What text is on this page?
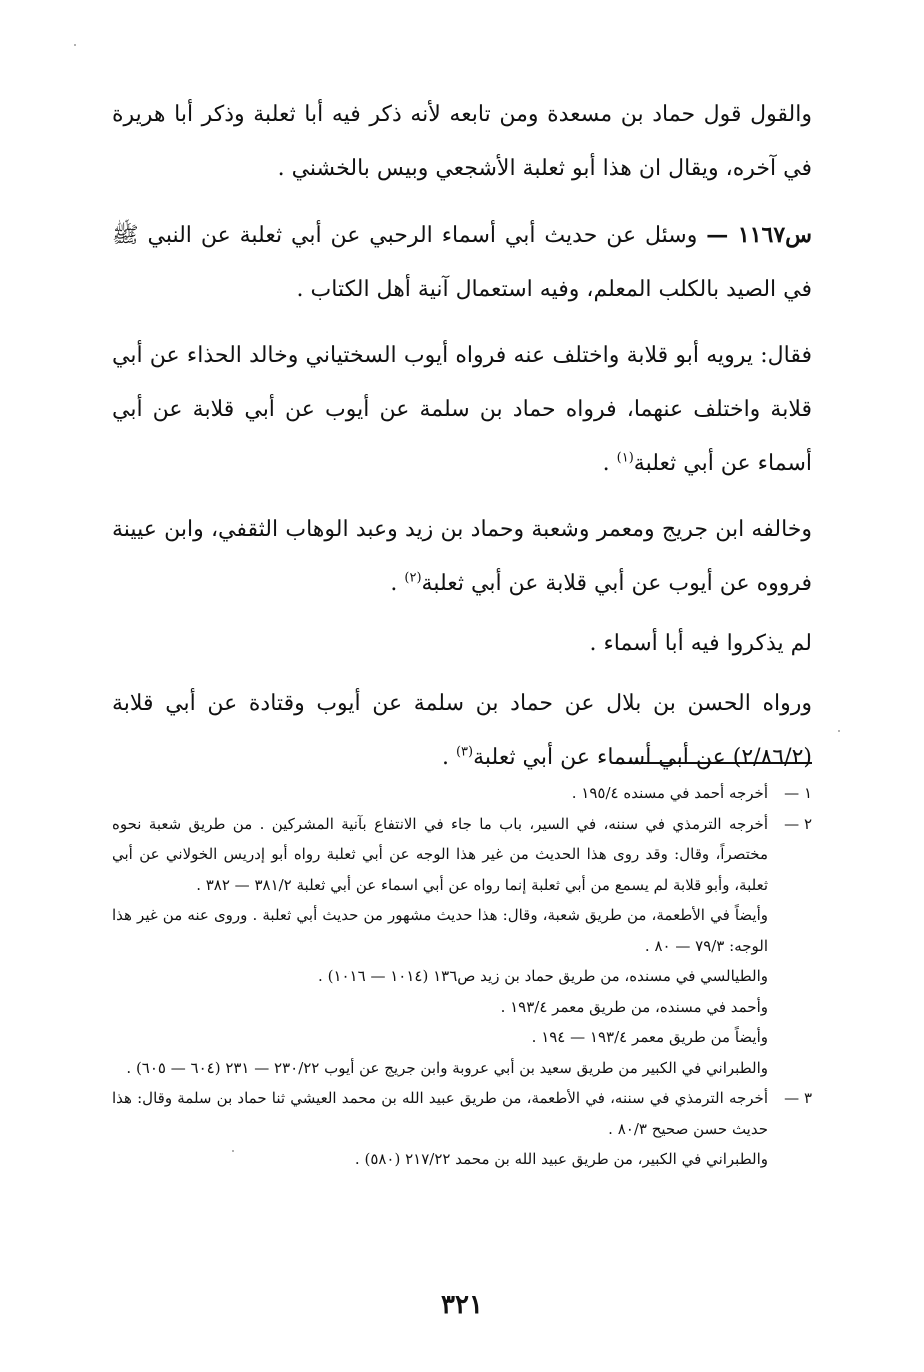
والقول قول حماد بن مسعدة ومن تابعه لأنه ذكر فيه أبا ثعلبة وذكر أبا هريرة في آخره، ويقال ان هذا أبو ثعلبة الأشجعي وبيس بالخشني .

س١١٦٧ — وسئل عن حديث أبي أسماء الرحبي عن أبي ثعلبة عن النبي ﷺ في الصيد بالكلب المعلم، وفيه استعمال آنية أهل الكتاب .

فقال: يرويه أبو قلابة واختلف عنه فرواه أيوب السختياني وخالد الحذاء عن أبي قلابة واختلف عنهما، فرواه حماد بن سلمة عن أيوب عن أبي قلابة عن أبي أسماء عن أبي ثعلبة$^{(١)}$ .

وخالفه ابن جريج ومعمر وشعبة وحماد بن زيد وعبد الوهاب الثقفي، وابن عيينة فرووه عن أيوب عن أبي قلابة عن أبي ثعلبة$^{(٢)}$ .

لم يذكروا فيه أبا أسماء .

ورواه الحسن بن بلال عن حماد بن سلمة عن أيوب وقتادة عن أبي قلابة (٢/٨٦/٢) عن أبي أسماء عن أبي ثعلبة$^{(٣)}$ .

١ —
أخرجه أحمد في مسنده ١٩٥/٤ .
٢ —
أخرجه الترمذي في سننه، في السير، باب ما جاء في الانتفاع بآنية المشركين . من طريق شعبة نحوه مختصراً، وقال: وقد روى هذا الحديث من غير هذا الوجه عن أبي ثعلبة رواه أبو إدريس الخولاني عن أبي ثعلبة، وأبو قلابة لم يسمع من أبي ثعلبة إنما رواه عن أبي اسماء عن أبي ثعلبة ٣٨١/٢ — ٣٨٢ .
وأيضاً في الأطعمة، من طريق شعبة، وقال: هذا حديث مشهور من حديث أبي ثعلبة . وروى عنه من غير هذا الوجه: ٧٩/٣ — ٨٠ .
والطيالسي في مسنده، من طريق حماد بن زيد ص١٣٦ (١٠١٤ — ١٠١٦) .
وأحمد في مسنده، من طريق معمر ١٩٣/٤ .
وأيضاً من طريق معمر ١٩٣/٤ — ١٩٤ .
والطبراني في الكبير من طريق سعيد بن أبي عروبة وابن جريج عن أيوب ٢٣٠/٢٢ — ٢٣١ (٦٠٤ — ٦٠٥) .
٣ —
أخرجه الترمذي في سننه، في الأطعمة، من طريق عبيد الله بن محمد العيشي ثنا حماد بن سلمة وقال: هذا حديث حسن صحيح ٨٠/٣ .
والطبراني في الكبير، من طريق عبيد الله بن محمد ٢١٧/٢٢ (٥٨٠) .
٣٢١
